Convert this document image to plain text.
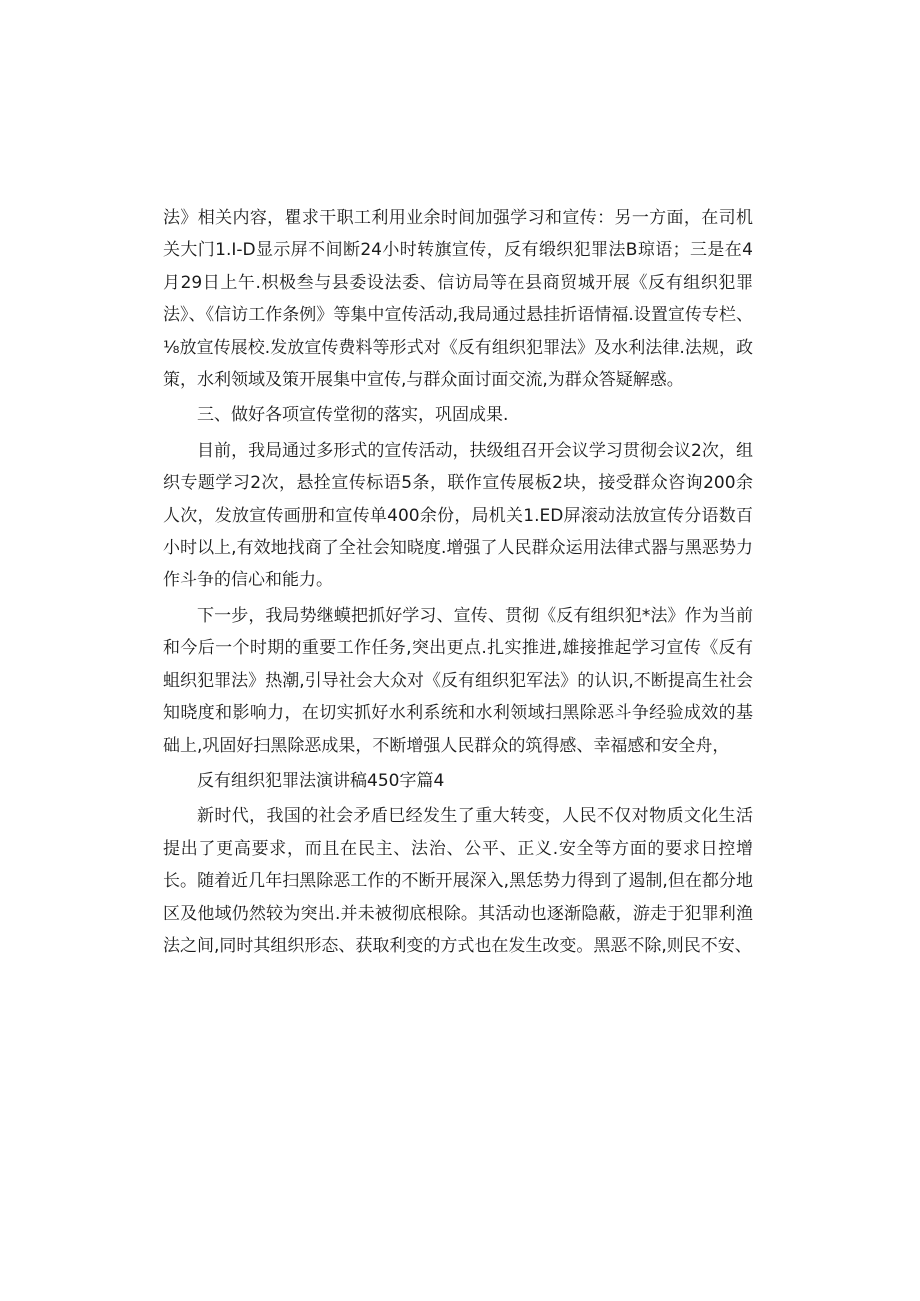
法》相关内容，瞿求干职工利用业余时间加强学习和宣传：另一方面，在司机关大门1.I-D显示屏不间断24小时转旗宣传，反有缎织犯罪法B琼语；三是在4月29日上午.枳极叁与县委设法委、信访局等在县商贸城开展《反有组织犯罪法》、《信访工作条例》等集中宣传活动,我局通过悬挂折语情福.设置宣传专栏、⅛放宣传展校.发放宣传费料等形式对《反有组织犯罪法》及水利法律.法规，政策，水利领域及策开展集中宣传,与群众面讨面交流,为群众答疑解惑。

三、做好各项宣传堂彻的落实，巩固成果.

目前，我局通过多形式的宣传活动，扶级组召开会议学习贯彻会议2次，组织专题学习2次，悬拴宣传标语5条，联作宣传展板2块，接受群众咨询200余人次，发放宣传画册和宣传单400余份，局机关1.ED屏滚动法放宣传分语数百小时以上,有效地找商了全社会知晓度.增强了人民群众运用法律式器与黑恶势力作斗争的信心和能力。

下一步，我局势继蟆把抓好学习、宣传、贯彻《反有组织犯*法》作为当前和今后一个时期的重要工作任务,突出更点.扎实推进,雄接推起学习宣传《反有蛆织犯罪法》热潮,引导社会大众对《反有组织犯军法》的认识,不断提高生社会知晓度和影响力，在切实抓好水利系统和水利领域扫黑除恶斗争经验成效的基础上,巩固好扫黑除恶成果，不断增强人民群众的筑得感、幸福感和安全舟，

反有组织犯罪法演讲稿450字篇4

新时代，我国的社会矛盾巳经发生了重大转变，人民不仅对物质文化生活提出了更高要求，而且在民主、法治、公平、正义.安全等方面的要求日控增长。随着近几年扫黑除恶工作的不断开展深入,黑恁势力得到了遏制,但在都分地区及他域仍然较为突出.并未被彻底根除。其活动也逐渐隐蔽，游走于犯罪利渔法之间,同时其组织形态、获取利变的方式也在发生改变。黑恶不除,则民不安、
